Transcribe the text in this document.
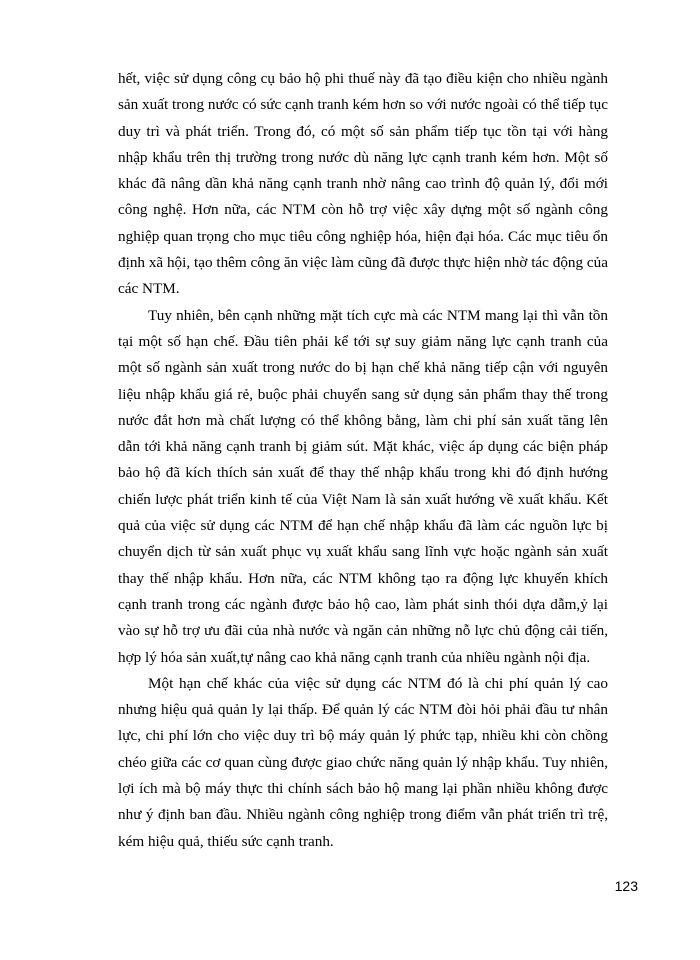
hết, việc sử dụng công cụ bảo hộ phi thuế này đã tạo điều kiện cho nhiều ngành sản xuất trong nước có sức cạnh tranh kém hơn so với nước ngoài có thể tiếp tục duy trì và phát triển. Trong đó, có một số sản phẩm tiếp tục tồn tại với hàng nhập khẩu trên thị trường trong nước dù năng lực cạnh tranh kém hơn. Một số khác đã nâng dần khả năng cạnh tranh nhờ nâng cao trình độ quản lý, đổi mới công nghệ. Hơn nữa, các NTM còn hỗ trợ việc xây dựng một số ngành công nghiệp quan trọng cho mục tiêu công nghiệp hóa, hiện đại hóa. Các mục tiêu ổn định xã hội, tạo thêm công ăn việc làm cũng đã được thực hiện nhờ tác động của các NTM.

Tuy nhiên, bên cạnh những mặt tích cực mà các NTM mang lại thì vẫn tồn tại một số hạn chế. Đầu tiên phải kể tới sự suy giảm năng lực cạnh tranh của một số ngành sản xuất trong nước do bị hạn chế khả năng tiếp cận với nguyên liệu nhập khẩu giá rẻ, buộc phải chuyển sang sử dụng sản phẩm thay thế trong nước đắt hơn mà chất lượng có thể không bằng, làm chi phí sản xuất tăng lên dẫn tới khả năng cạnh tranh bị giảm sút. Mặt khác, việc áp dụng các biện pháp bảo hộ đã kích thích sản xuất để thay thế nhập khẩu trong khi đó định hướng chiến lược phát triển kinh tế của Việt Nam là sản xuất hướng về xuất khẩu. Kết quả của việc sử dụng các NTM để hạn chế nhập khẩu đã làm các nguồn lực bị chuyển dịch từ sản xuất phục vụ xuất khẩu sang lĩnh vực hoặc ngành sản xuất thay thế nhập khẩu. Hơn nữa, các NTM không tạo ra động lực khuyến khích cạnh tranh trong các ngành được bảo hộ cao, làm phát sinh thói dựa dẫm,ỷ lại vào sự hỗ trợ ưu đãi của nhà nước và ngăn cản những nỗ lực chủ động cải tiến, hợp lý hóa sản xuất,tự nâng cao khả năng cạnh tranh của nhiều ngành nội địa.

Một hạn chế khác của việc sử dụng các NTM đó là chi phí quản lý cao nhưng hiệu quả quản ly lại thấp. Để quản lý các NTM đòi hỏi phải đầu tư nhân lực, chi phí lớn cho việc duy trì bộ máy quản lý phức tạp, nhiều khi còn chồng chéo giữa các cơ quan cùng được giao chức năng quản lý nhập khẩu. Tuy nhiên, lợi ích mà bộ máy thực thi chính sách bảo hộ mang lại phần nhiều không được như ý định ban đầu. Nhiều ngành công nghiệp trong điểm vẫn phát triển trì trệ, kém hiệu quả, thiếu sức cạnh tranh.

123
